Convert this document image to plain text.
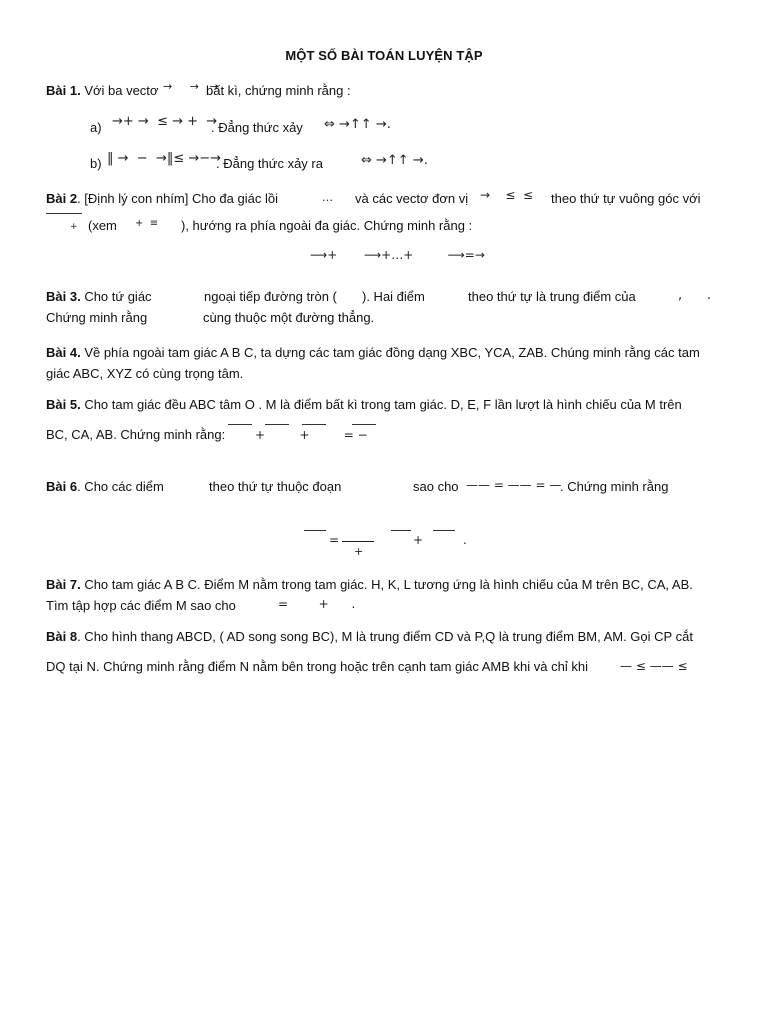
MỘT SỐ BÀI TOÁN LUYỆN TẬP
Bài 1. Với ba vectơ →     →   →
bất kì, chứng minh rằng :
a) →+ →  ≤ → +  →
. Đẳng thức xảy ⇔ →↑↑ →.
b) ‖ →  −  →‖≤ →−→
. Đẳng thức xảy ra	⇔ →↑↑ →.
Bài 2. [Định lý con nhím] Cho đa giác lồi	… và các vectơ đơn vị →    ≤  ≤ theo thứ tự vuông góc với
+ (xem +  ≡ ), hướng ra phía ngoài đa giác. Chứng minh rằng :
⟶+       ⟶+…+         ⟶=→
Bài 3. Cho tứ giác	ngoại tiếp đường tròn ( ). Hai điểm	theo thứ tự là trung điểm của	,      .
Chứng minh rằng	cùng thuộc một đường thẳng.
Bài 4. Về phía ngoài tam giác A B C, ta dựng các tam giác đồng dạng XBC, YCA, ZAB. Chúng minh rằng các tam
giác ABC, XYZ có cùng trọng tâm.
Bài 5. Cho tam giác đều ABC tâm O . M là điểm bất kì trong tam giác. D, E, F lần lượt là hình chiếu của M trên
BC, CA, AB. Chứng minh rằng:	+         +         = −
Bài 6. Cho các diểm	theo thứ tự thuộc đoạn	sao cho —— = —— = —
. Chứng minh rằng
=
+
+	.
Bài 7. Cho tam giác A B C. Điểm M nằm trong tam giác. H, K, L tương ứng là hình chiếu của M trên BC, CA, AB.
Tìm tập hợp các điểm M sao cho	=        +      .
Bài 8. Cho hình thang ABCD, ( AD song song BC), M là trung điểm CD và P,Q là trung điểm BM, AM. Gọi CP cắt
DQ tại N. Chứng minh rằng điểm N nằm bên trong hoặc trên cạnh tam giác AMB khi và chỉ khi	— ≤ —— ≤
